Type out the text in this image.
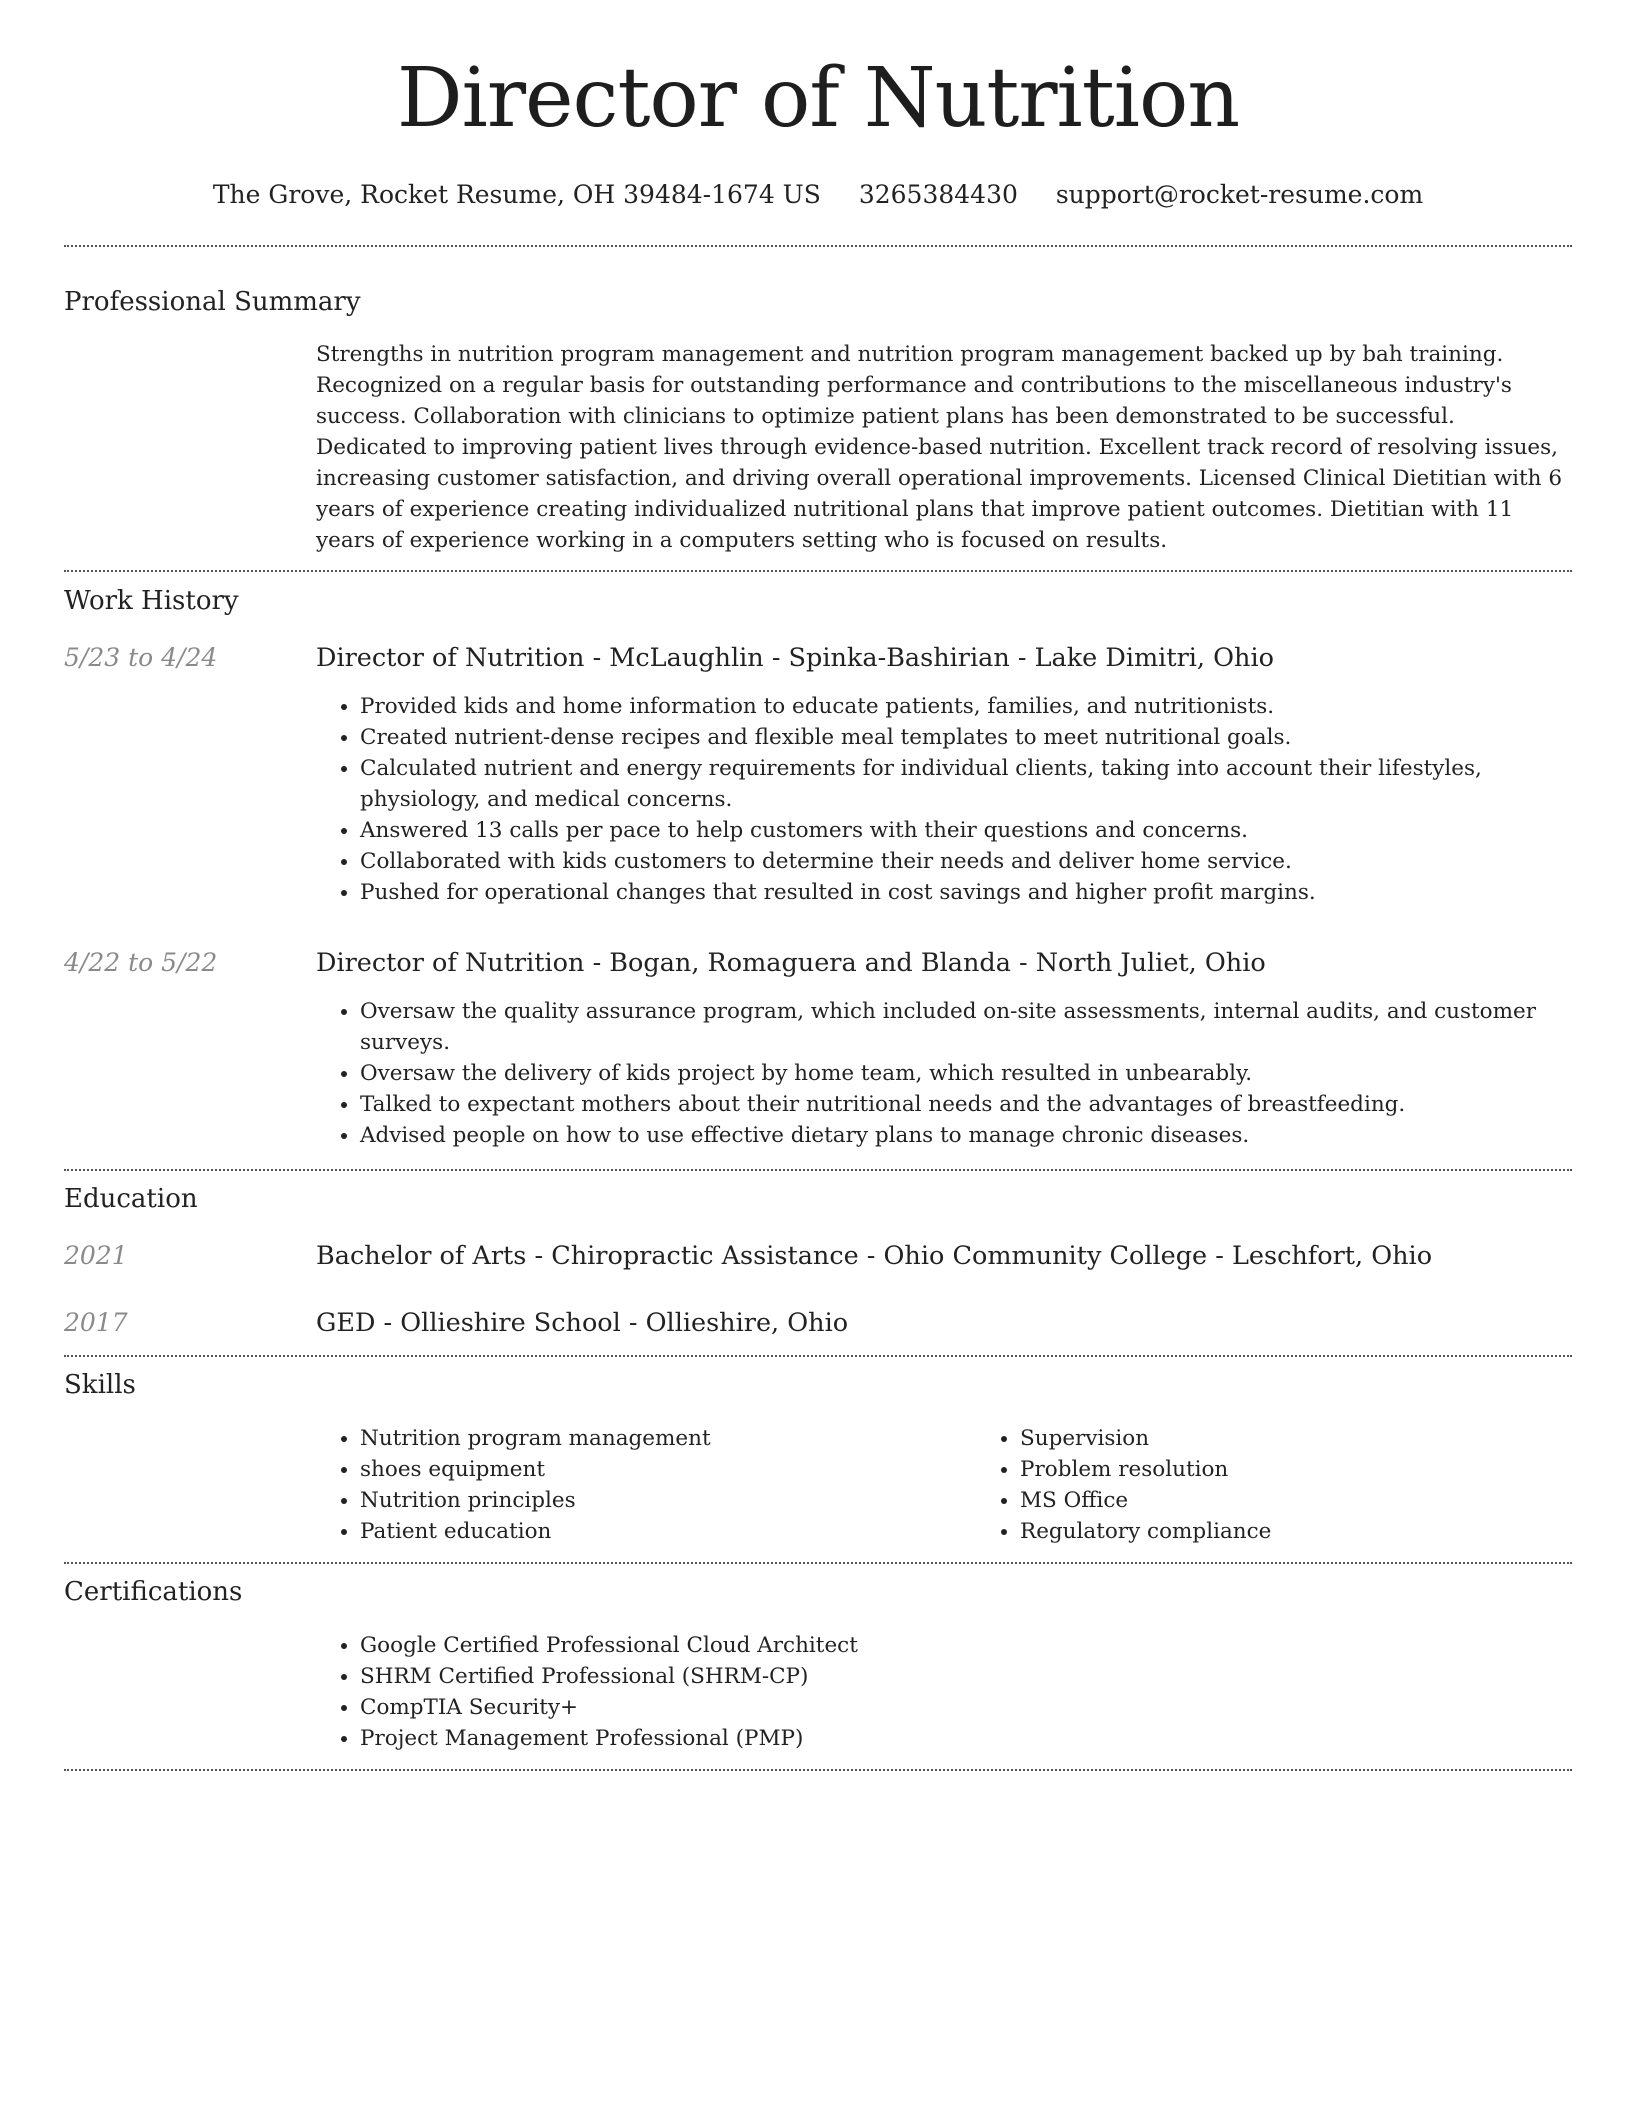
Director of Nutrition
The Grove, Rocket Resume, OH 39484-1674 US 3265384430 support@rocket-resume.com
Professional Summary

Strengths in nutrition program management and nutrition program management backed up by bah training. Recognized on a regular basis for outstanding performance and contributions to the miscellaneous industry's success. Collaboration with clinicians to optimize patient plans has been demonstrated to be successful. Dedicated to improving patient lives through evidence-based nutrition. Excellent track record of resolving issues, increasing customer satisfaction, and driving overall operational improvements. Licensed Clinical Dietitian with 6 years of experience creating individualized nutritional plans that improve patient outcomes. Dietitian with 11 years of experience working in a computers setting who is focused on results.

Work History
5/23 to 4/24	Director of Nutrition - McLaughlin - Spinka-Bashirian - Lake Dimitri, Ohio
• Provided kids and home information to educate patients, families, and nutritionists.
• Created nutrient-dense recipes and flexible meal templates to meet nutritional goals.
• Calculated nutrient and energy requirements for individual clients, taking into account their lifestyles, physiology, and medical concerns.
• Answered 13 calls per pace to help customers with their questions and concerns.
• Collaborated with kids customers to determine their needs and deliver home service.
• Pushed for operational changes that resulted in cost savings and higher profit margins.
4/22 to 5/22	Director of Nutrition - Bogan, Romaguera and Blanda - North Juliet, Ohio
• Oversaw the quality assurance program, which included on-site assessments, internal audits, and customer surveys.
• Oversaw the delivery of kids project by home team, which resulted in unbearably.
• Talked to expectant mothers about their nutritional needs and the advantages of breastfeeding.
• Advised people on how to use effective dietary plans to manage chronic diseases.
Education
2021	Bachelor of Arts - Chiropractic Assistance - Ohio Community College - Leschfort, Ohio
2017	GED - Ollieshire School - Ollieshire, Ohio
Skills
• Nutrition program management
• shoes equipment
• Nutrition principles
• Patient education
• Supervision
• Problem resolution
• MS Office
• Regulatory compliance
Certifications
• Google Certified Professional Cloud Architect
• SHRM Certified Professional (SHRM-CP)
• CompTIA Security+
• Project Management Professional (PMP)
